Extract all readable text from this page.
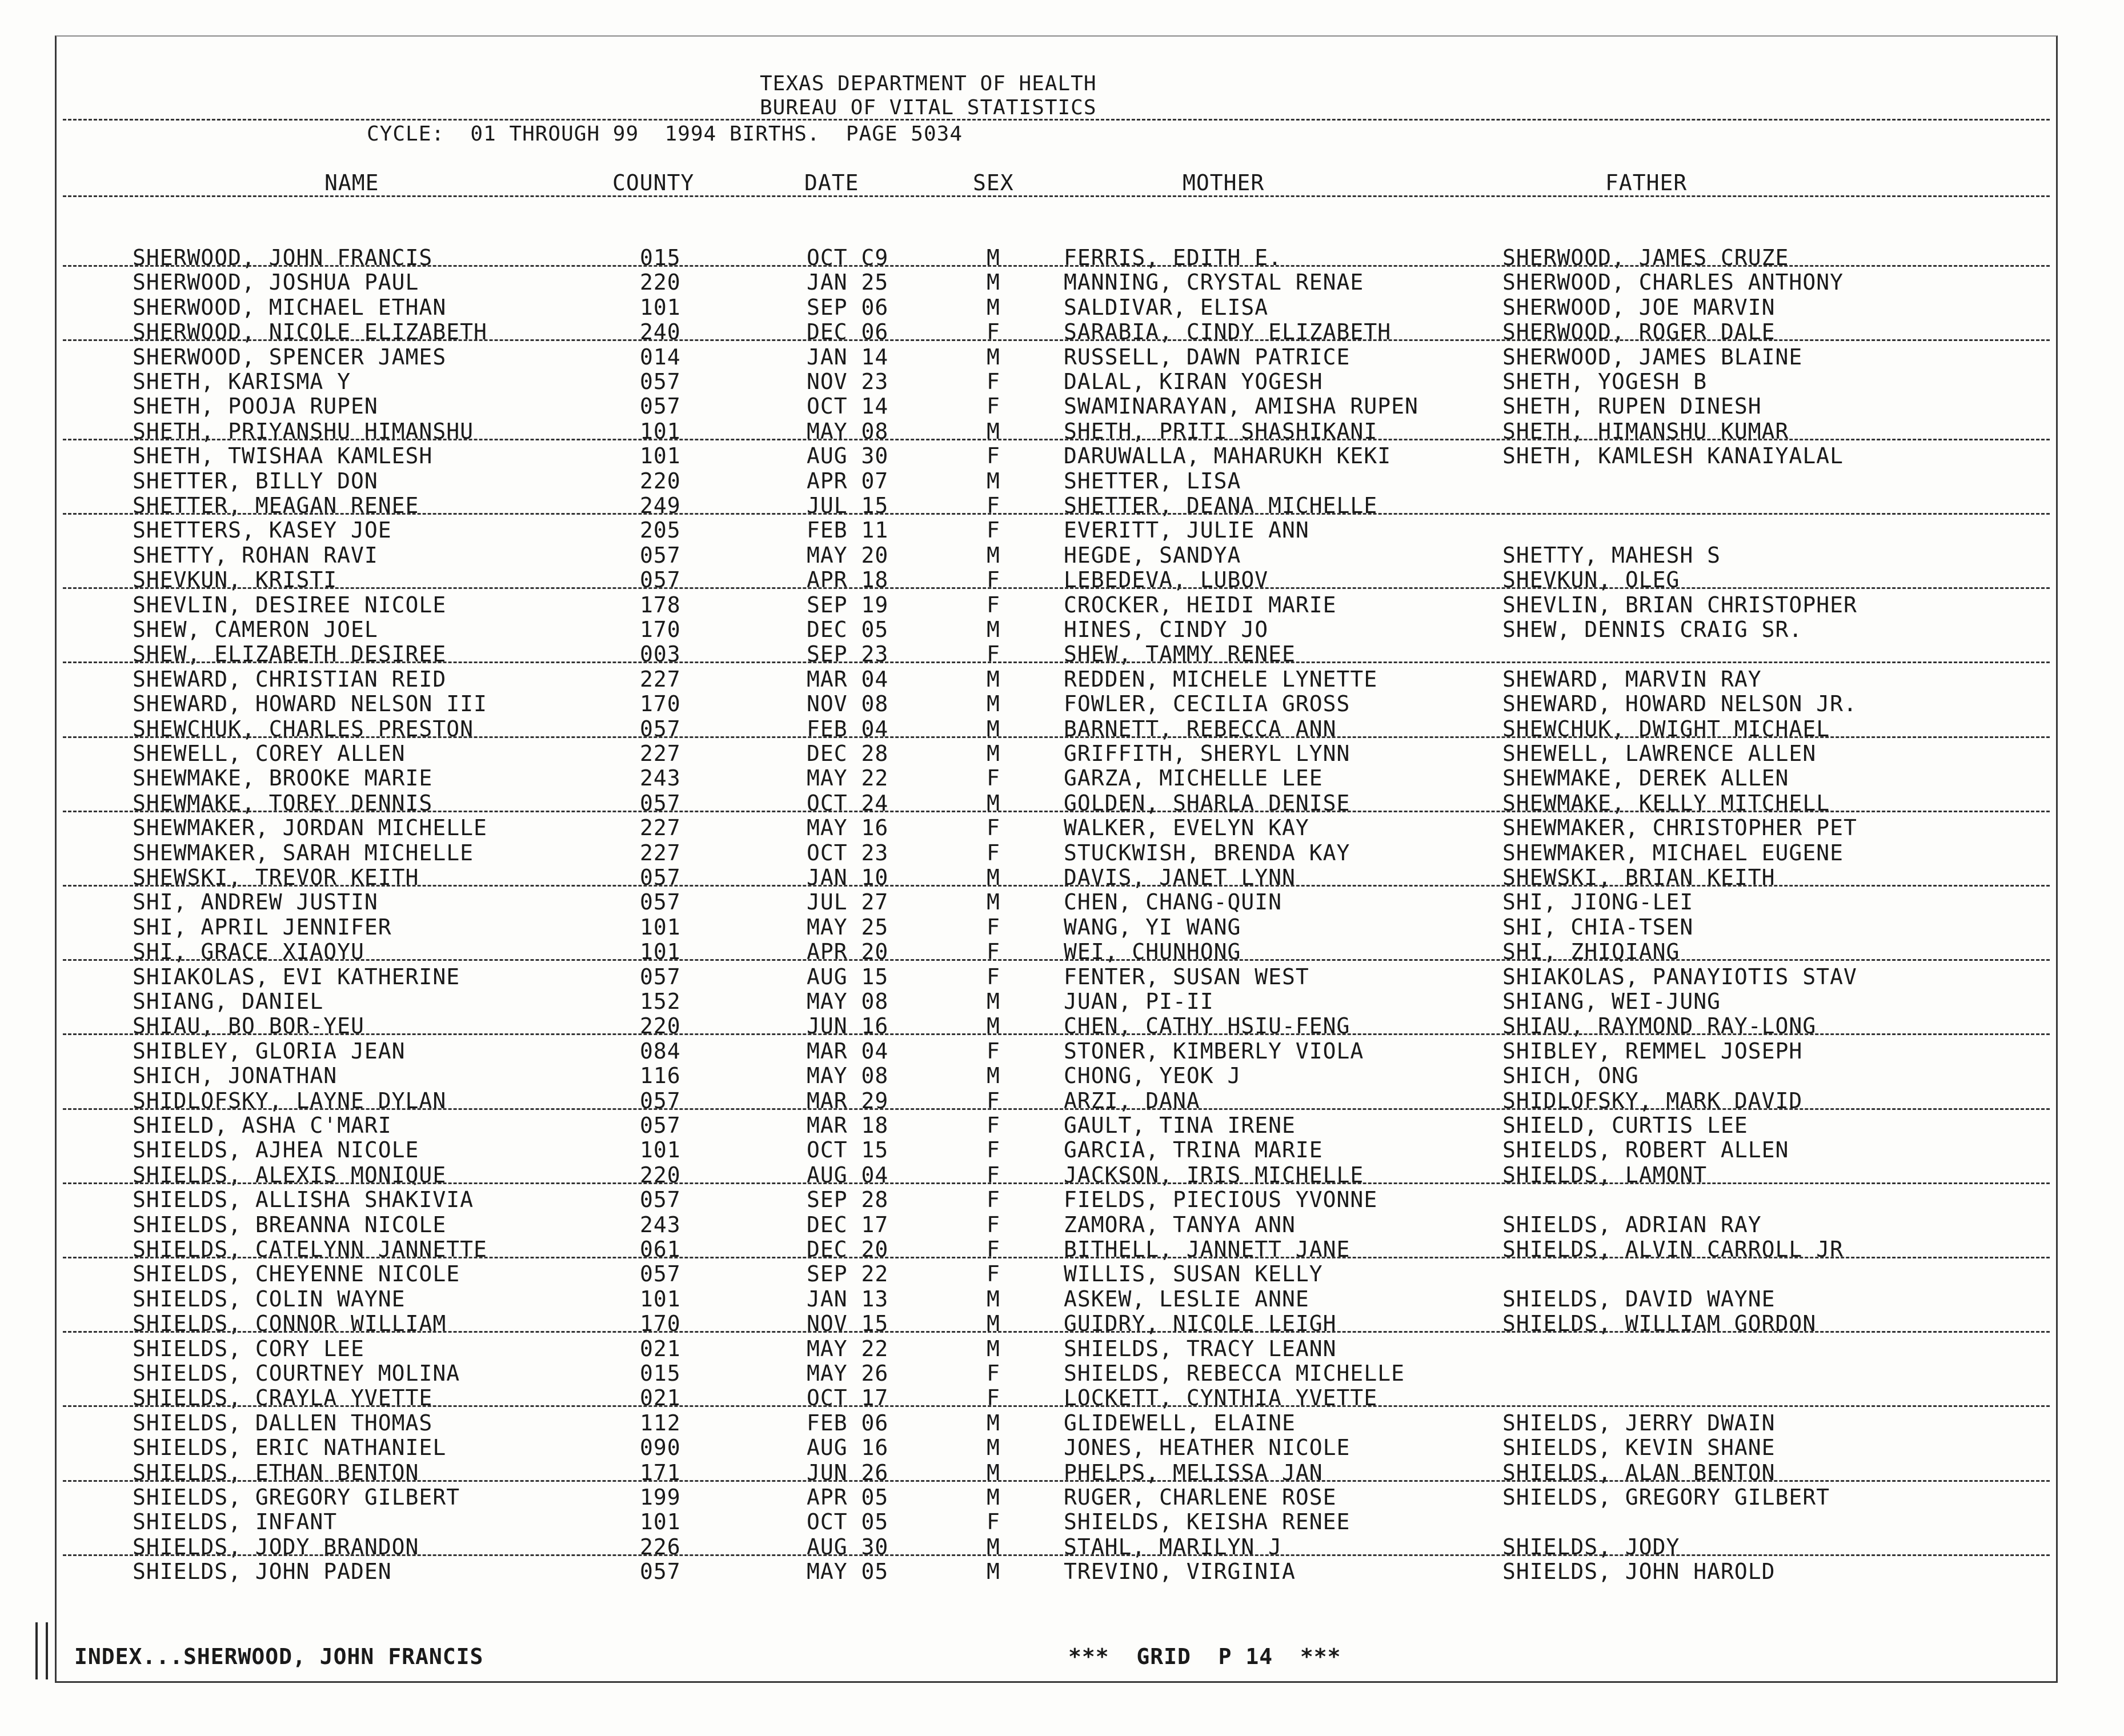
TEXAS DEPARTMENT OF HEALTH
BUREAU OF VITAL STATISTICS
CYCLE:  01 THROUGH 99  1994 BIRTHS.  PAGE 5034
NAME	COUNTY	DATE	SEX	MOTHER	FATHER
SHERWOOD, JOHN FRANCIS	015	OCT C9	M	FERRIS, EDITH E.	SHERWOOD, JAMES CRUZE
SHERWOOD, JOSHUA PAUL	220	JAN 25	M	MANNING, CRYSTAL RENAE	SHERWOOD, CHARLES ANTHONY
SHERWOOD, MICHAEL ETHAN	101	SEP 06	M	SALDIVAR, ELISA	SHERWOOD, JOE MARVIN
SHERWOOD, NICOLE ELIZABETH	240	DEC 06	F	SARABIA, CINDY ELIZABETH	SHERWOOD, ROGER DALE
SHERWOOD, SPENCER JAMES	014	JAN 14	M	RUSSELL, DAWN PATRICE	SHERWOOD, JAMES BLAINE
SHETH, KARISMA Y	057	NOV 23	F	DALAL, KIRAN YOGESH	SHETH, YOGESH B
SHETH, POOJA RUPEN	057	OCT 14	F	SWAMINARAYAN, AMISHA RUPEN	SHETH, RUPEN DINESH
SHETH, PRIYANSHU HIMANSHU	101	MAY 08	M	SHETH, PRITI SHASHIKANI	SHETH, HIMANSHU KUMAR
SHETH, TWISHAA KAMLESH	101	AUG 30	F	DARUWALLA, MAHARUKH KEKI	SHETH, KAMLESH KANAIYALAL
SHETTER, BILLY DON	220	APR 07	M	SHETTER, LISA
SHETTER, MEAGAN RENEE	249	JUL 15	F	SHETTER, DEANA MICHELLE
SHETTERS, KASEY JOE	205	FEB 11	F	EVERITT, JULIE ANN
SHETTY, ROHAN RAVI	057	MAY 20	M	HEGDE, SANDYA	SHETTY, MAHESH S
SHEVKUN, KRISTI	057	APR 18	F	LEBEDEVA, LUBOV	SHEVKUN, OLEG
SHEVLIN, DESIREE NICOLE	178	SEP 19	F	CROCKER, HEIDI MARIE	SHEVLIN, BRIAN CHRISTOPHER
SHEW, CAMERON JOEL	170	DEC 05	M	HINES, CINDY JO	SHEW, DENNIS CRAIG SR.
SHEW, ELIZABETH DESIREE	003	SEP 23	F	SHEW, TAMMY RENEE
SHEWARD, CHRISTIAN REID	227	MAR 04	M	REDDEN, MICHELE LYNETTE	SHEWARD, MARVIN RAY
SHEWARD, HOWARD NELSON III	170	NOV 08	M	FOWLER, CECILIA GROSS	SHEWARD, HOWARD NELSON JR.
SHEWCHUK, CHARLES PRESTON	057	FEB 04	M	BARNETT, REBECCA ANN	SHEWCHUK, DWIGHT MICHAEL
SHEWELL, COREY ALLEN	227	DEC 28	M	GRIFFITH, SHERYL LYNN	SHEWELL, LAWRENCE ALLEN
SHEWMAKE, BROOKE MARIE	243	MAY 22	F	GARZA, MICHELLE LEE	SHEWMAKE, DEREK ALLEN
SHEWMAKE, TOREY DENNIS	057	OCT 24	M	GOLDEN, SHARLA DENISE	SHEWMAKE, KELLY MITCHELL
SHEWMAKER, JORDAN MICHELLE	227	MAY 16	F	WALKER, EVELYN KAY	SHEWMAKER, CHRISTOPHER PET
SHEWMAKER, SARAH MICHELLE	227	OCT 23	F	STUCKWISH, BRENDA KAY	SHEWMAKER, MICHAEL EUGENE
SHEWSKI, TREVOR KEITH	057	JAN 10	M	DAVIS, JANET LYNN	SHEWSKI, BRIAN KEITH
SHI, ANDREW JUSTIN	057	JUL 27	M	CHEN, CHANG-QUIN	SHI, JIONG-LEI
SHI, APRIL JENNIFER	101	MAY 25	F	WANG, YI WANG	SHI, CHIA-TSEN
SHI, GRACE XIAOYU	101	APR 20	F	WEI, CHUNHONG	SHI, ZHIQIANG
SHIAKOLAS, EVI KATHERINE	057	AUG 15	F	FENTER, SUSAN WEST	SHIAKOLAS, PANAYIOTIS STAV
SHIANG, DANIEL	152	MAY 08	M	JUAN, PI-II	SHIANG, WEI-JUNG
SHIAU, BO BOR-YEU	220	JUN 16	M	CHEN, CATHY HSIU-FENG	SHIAU, RAYMOND RAY-LONG
SHIBLEY, GLORIA JEAN	084	MAR 04	F	STONER, KIMBERLY VIOLA	SHIBLEY, REMMEL JOSEPH
SHICH, JONATHAN	116	MAY 08	M	CHONG, YEOK J	SHICH, ONG
SHIDLOFSKY, LAYNE DYLAN	057	MAR 29	F	ARZI, DANA	SHIDLOFSKY, MARK DAVID
SHIELD, ASHA C'MARI	057	MAR 18	F	GAULT, TINA IRENE	SHIELD, CURTIS LEE
SHIELDS, AJHEA NICOLE	101	OCT 15	F	GARCIA, TRINA MARIE	SHIELDS, ROBERT ALLEN
SHIELDS, ALEXIS MONIQUE	220	AUG 04	F	JACKSON, IRIS MICHELLE	SHIELDS, LAMONT
SHIELDS, ALLISHA SHAKIVIA	057	SEP 28	F	FIELDS, PIECIOUS YVONNE
SHIELDS, BREANNA NICOLE	243	DEC 17	F	ZAMORA, TANYA ANN	SHIELDS, ADRIAN RAY
SHIELDS, CATELYNN JANNETTE	061	DEC 20	F	BITHELL, JANNETT JANE	SHIELDS, ALVIN CARROLL JR
SHIELDS, CHEYENNE NICOLE	057	SEP 22	F	WILLIS, SUSAN KELLY
SHIELDS, COLIN WAYNE	101	JAN 13	M	ASKEW, LESLIE ANNE	SHIELDS, DAVID WAYNE
SHIELDS, CONNOR WILLIAM	170	NOV 15	M	GUIDRY, NICOLE LEIGH	SHIELDS, WILLIAM GORDON
SHIELDS, CORY LEE	021	MAY 22	M	SHIELDS, TRACY LEANN
SHIELDS, COURTNEY MOLINA	015	MAY 26	F	SHIELDS, REBECCA MICHELLE
SHIELDS, CRAYLA YVETTE	021	OCT 17	F	LOCKETT, CYNTHIA YVETTE
SHIELDS, DALLEN THOMAS	112	FEB 06	M	GLIDEWELL, ELAINE	SHIELDS, JERRY DWAIN
SHIELDS, ERIC NATHANIEL	090	AUG 16	M	JONES, HEATHER NICOLE	SHIELDS, KEVIN SHANE
SHIELDS, ETHAN BENTON	171	JUN 26	M	PHELPS, MELISSA JAN	SHIELDS, ALAN BENTON
SHIELDS, GREGORY GILBERT	199	APR 05	M	RUGER, CHARLENE ROSE	SHIELDS, GREGORY GILBERT
SHIELDS, INFANT	101	OCT 05	F	SHIELDS, KEISHA RENEE
SHIELDS, JODY BRANDON	226	AUG 30	M	STAHL, MARILYN J	SHIELDS, JODY
SHIELDS, JOHN PADEN	057	MAY 05	M	TREVINO, VIRGINIA	SHIELDS, JOHN HAROLD
INDEX...SHERWOOD, JOHN FRANCIS	***  GRID  P 14  ***
